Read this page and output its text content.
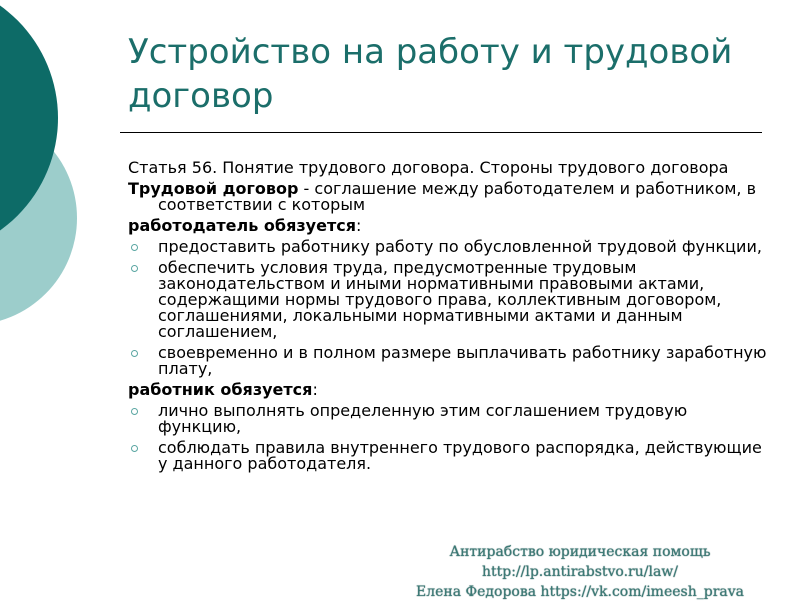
Устройство на работу и трудовой договор
Статья 56. Понятие трудового договора. Стороны трудового договора
Трудовой договор - соглашение между работодателем и работником, в соответствии с которым
работодатель обязуется:
предоставить работнику работу по обусловленной трудовой функции,
обеспечить условия труда, предусмотренные трудовым законодательством и иными нормативными правовыми актами, содержащими нормы трудового права, коллективным договором, соглашениями, локальными нормативными актами и данным соглашением,
своевременно и в полном размере выплачивать работнику заработную плату,
работник обязуется:
лично выполнять определенную этим соглашением трудовую функцию,
соблюдать правила внутреннего трудового распорядка, действующие у данного работодателя.
Антирабство юридическая помощь http://lp.antirabstvo.ru/law/
Елена Федорова https://vk.com/imeesh_prava
